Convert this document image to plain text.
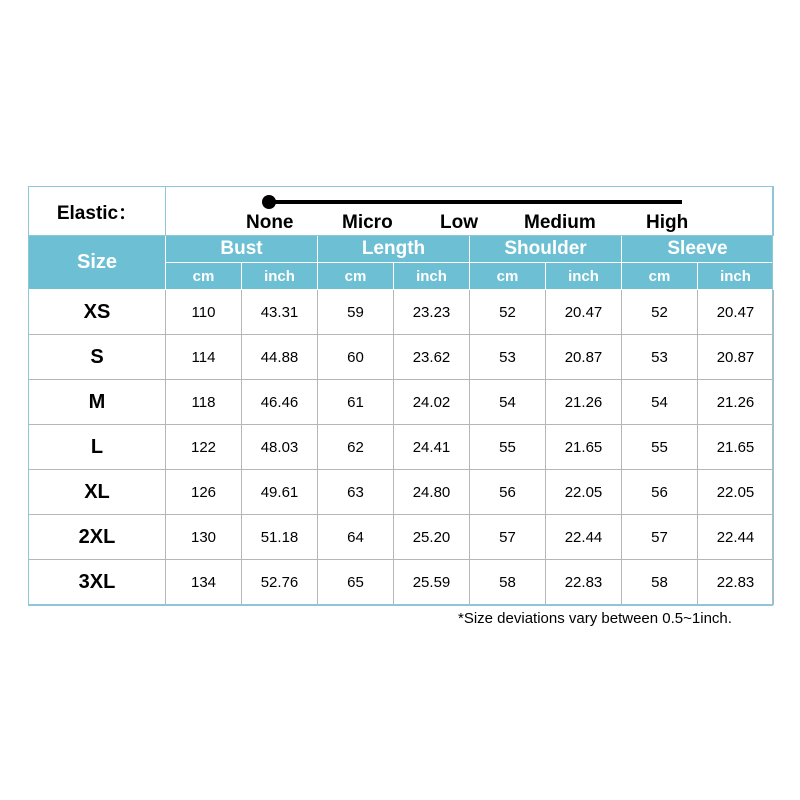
Elastic：	None Micro Low Medium High							

Size	Bust		Length		Shoulder		Sleeve	
	cm	inch	cm	inch	cm	inch	cm	inch
XS	110	43.31	59	23.23	52	20.47	52	20.47
S	114	44.88	60	23.62	53	20.87	53	20.87
M	118	46.46	61	24.02	54	21.26	54	21.26
L	122	48.03	62	24.41	55	21.65	55	21.65
XL	126	49.61	63	24.80	56	22.05	56	22.05
2XL	130	51.18	64	25.20	57	22.44	57	22.44
3XL	134	52.76	65	25.59	58	22.83	58	22.83
*Size deviations vary between 0.5~1inch.
